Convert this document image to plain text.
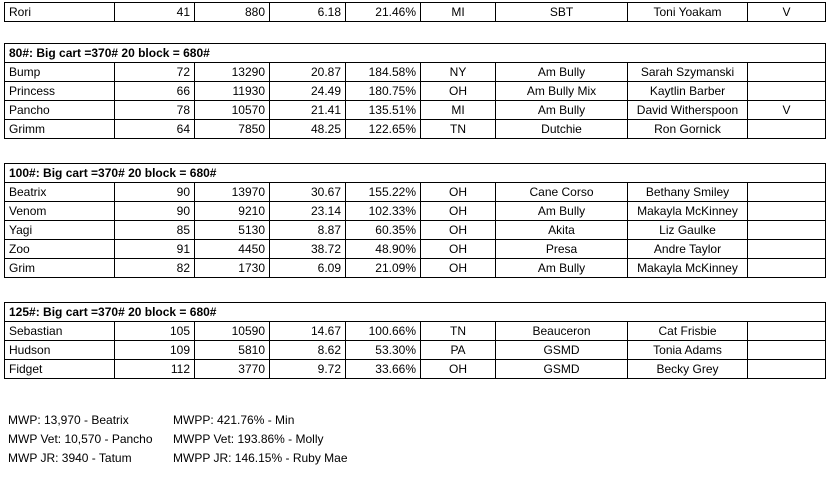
Rori	41	880	6.18	21.46%	MI	SBT	Toni Yoakam	V
80#: Big cart =370# 20 block = 680#								
Bump	72	13290	20.87	184.58%	NY	Am Bully	Sarah Szymanski	
Princess	66	11930	24.49	180.75%	OH	Am Bully Mix	Kaytlin Barber	
Pancho	78	10570	21.41	135.51%	MI	Am Bully	David Witherspoon	V
Grimm	64	7850	48.25	122.65%	TN	Dutchie	Ron Gornick	
100#: Big cart =370# 20 block = 680#								
Beatrix	90	13970	30.67	155.22%	OH	Cane Corso	Bethany Smiley	
Venom	90	9210	23.14	102.33%	OH	Am Bully	Makayla McKinney	
Yagi	85	5130	8.87	60.35%	OH	Akita	Liz Gaulke	
Zoo	91	4450	38.72	48.90%	OH	Presa	Andre Taylor	
Grim	82	1730	6.09	21.09%	OH	Am Bully	Makayla McKinney	
125#: Big cart =370# 20 block = 680#								
Sebastian	105	10590	14.67	100.66%	TN	Beauceron	Cat Frisbie	
Hudson	109	5810	8.62	53.30%	PA	GSMD	Tonia Adams	
Fidget	112	3770	9.72	33.66%	OH	GSMD	Becky Grey	
MWP: 13,970 - Beatrix
MWP Vet: 10,570 - Pancho
MWP JR: 3940 - Tatum
MWPP: 421.76% - Min
MWPP Vet: 193.86% - Molly
MWPP JR: 146.15% - Ruby Mae
